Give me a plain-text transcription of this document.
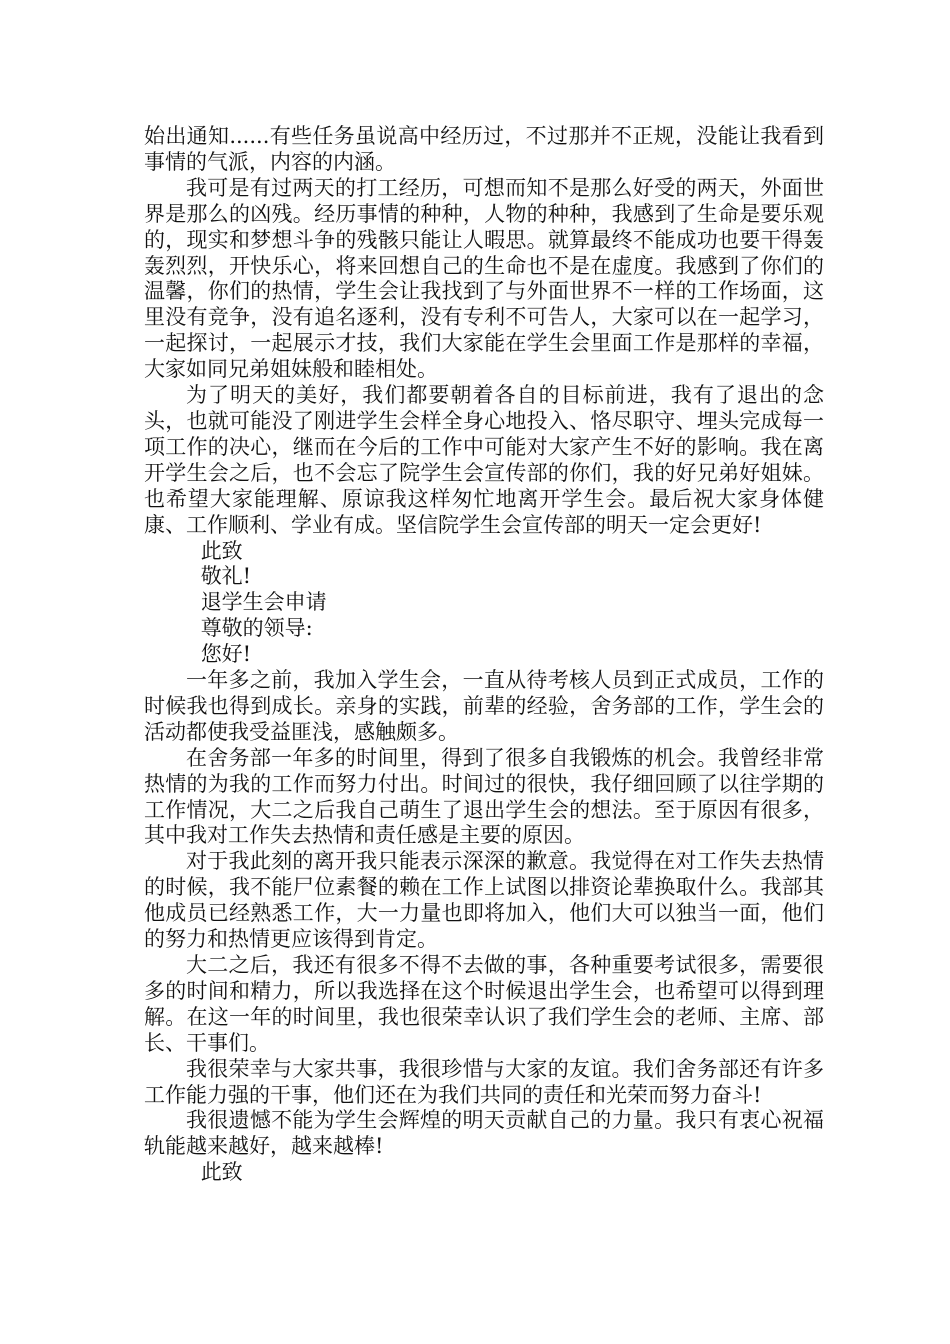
始出通知......有些任务虽说高中经历过，不过那并不正规，没能让我看到事情的气派，内容的内涵。

我可是有过两天的打工经历，可想而知不是那么好受的两天，外面世界是那么的凶残。经历事情的种种，人物的种种，我感到了生命是要乐观的，现实和梦想斗争的残骸只能让人暇思。就算最终不能成功也要干得轰轰烈烈，开快乐心，将来回想自己的生命也不是在虚度。我感到了你们的温馨，你们的热情，学生会让我找到了与外面世界不一样的工作场面，这里没有竞争，没有追名逐利，没有专利不可告人，大家可以在一起学习，一起探讨，一起展示才技，我们大家能在学生会里面工作是那样的幸福，大家如同兄弟姐妹般和睦相处。

为了明天的美好，我们都要朝着各自的目标前进，我有了退出的念头，也就可能没了刚进学生会样全身心地投入、恪尽职守、埋头完成每一项工作的决心，继而在今后的工作中可能对大家产生不好的影响。我在离开学生会之后，也不会忘了院学生会宣传部的你们，我的好兄弟好姐妹。也希望大家能理解、原谅我这样匆忙地离开学生会。最后祝大家身体健康、工作顺利、学业有成。坚信院学生会宣传部的明天一定会更好!

此致

敬礼!

退学生会申请

尊敬的领导:

您好!

一年多之前，我加入学生会，一直从待考核人员到正式成员，工作的时候我也得到成长。亲身的实践，前辈的经验，舍务部的工作，学生会的活动都使我受益匪浅，感触颇多。

在舍务部一年多的时间里，得到了很多自我锻炼的机会。我曾经非常热情的为我的工作而努力付出。时间过的很快，我仔细回顾了以往学期的工作情况，大二之后我自己萌生了退出学生会的想法。至于原因有很多，其中我对工作失去热情和责任感是主要的原因。

对于我此刻的离开我只能表示深深的歉意。我觉得在对工作失去热情的时候，我不能尸位素餐的赖在工作上试图以排资论辈换取什么。我部其他成员已经熟悉工作，大一力量也即将加入，他们大可以独当一面，他们的努力和热情更应该得到肯定。

大二之后，我还有很多不得不去做的事，各种重要考试很多，需要很多的时间和精力，所以我选择在这个时候退出学生会，也希望可以得到理解。在这一年的时间里，我也很荣幸认识了我们学生会的老师、主席、部长、干事们。

我很荣幸与大家共事，我很珍惜与大家的友谊。我们舍务部还有许多工作能力强的干事，他们还在为我们共同的责任和光荣而努力奋斗!

我很遗憾不能为学生会辉煌的明天贡献自己的力量。我只有衷心祝福轨能越来越好，越来越棒!

此致
